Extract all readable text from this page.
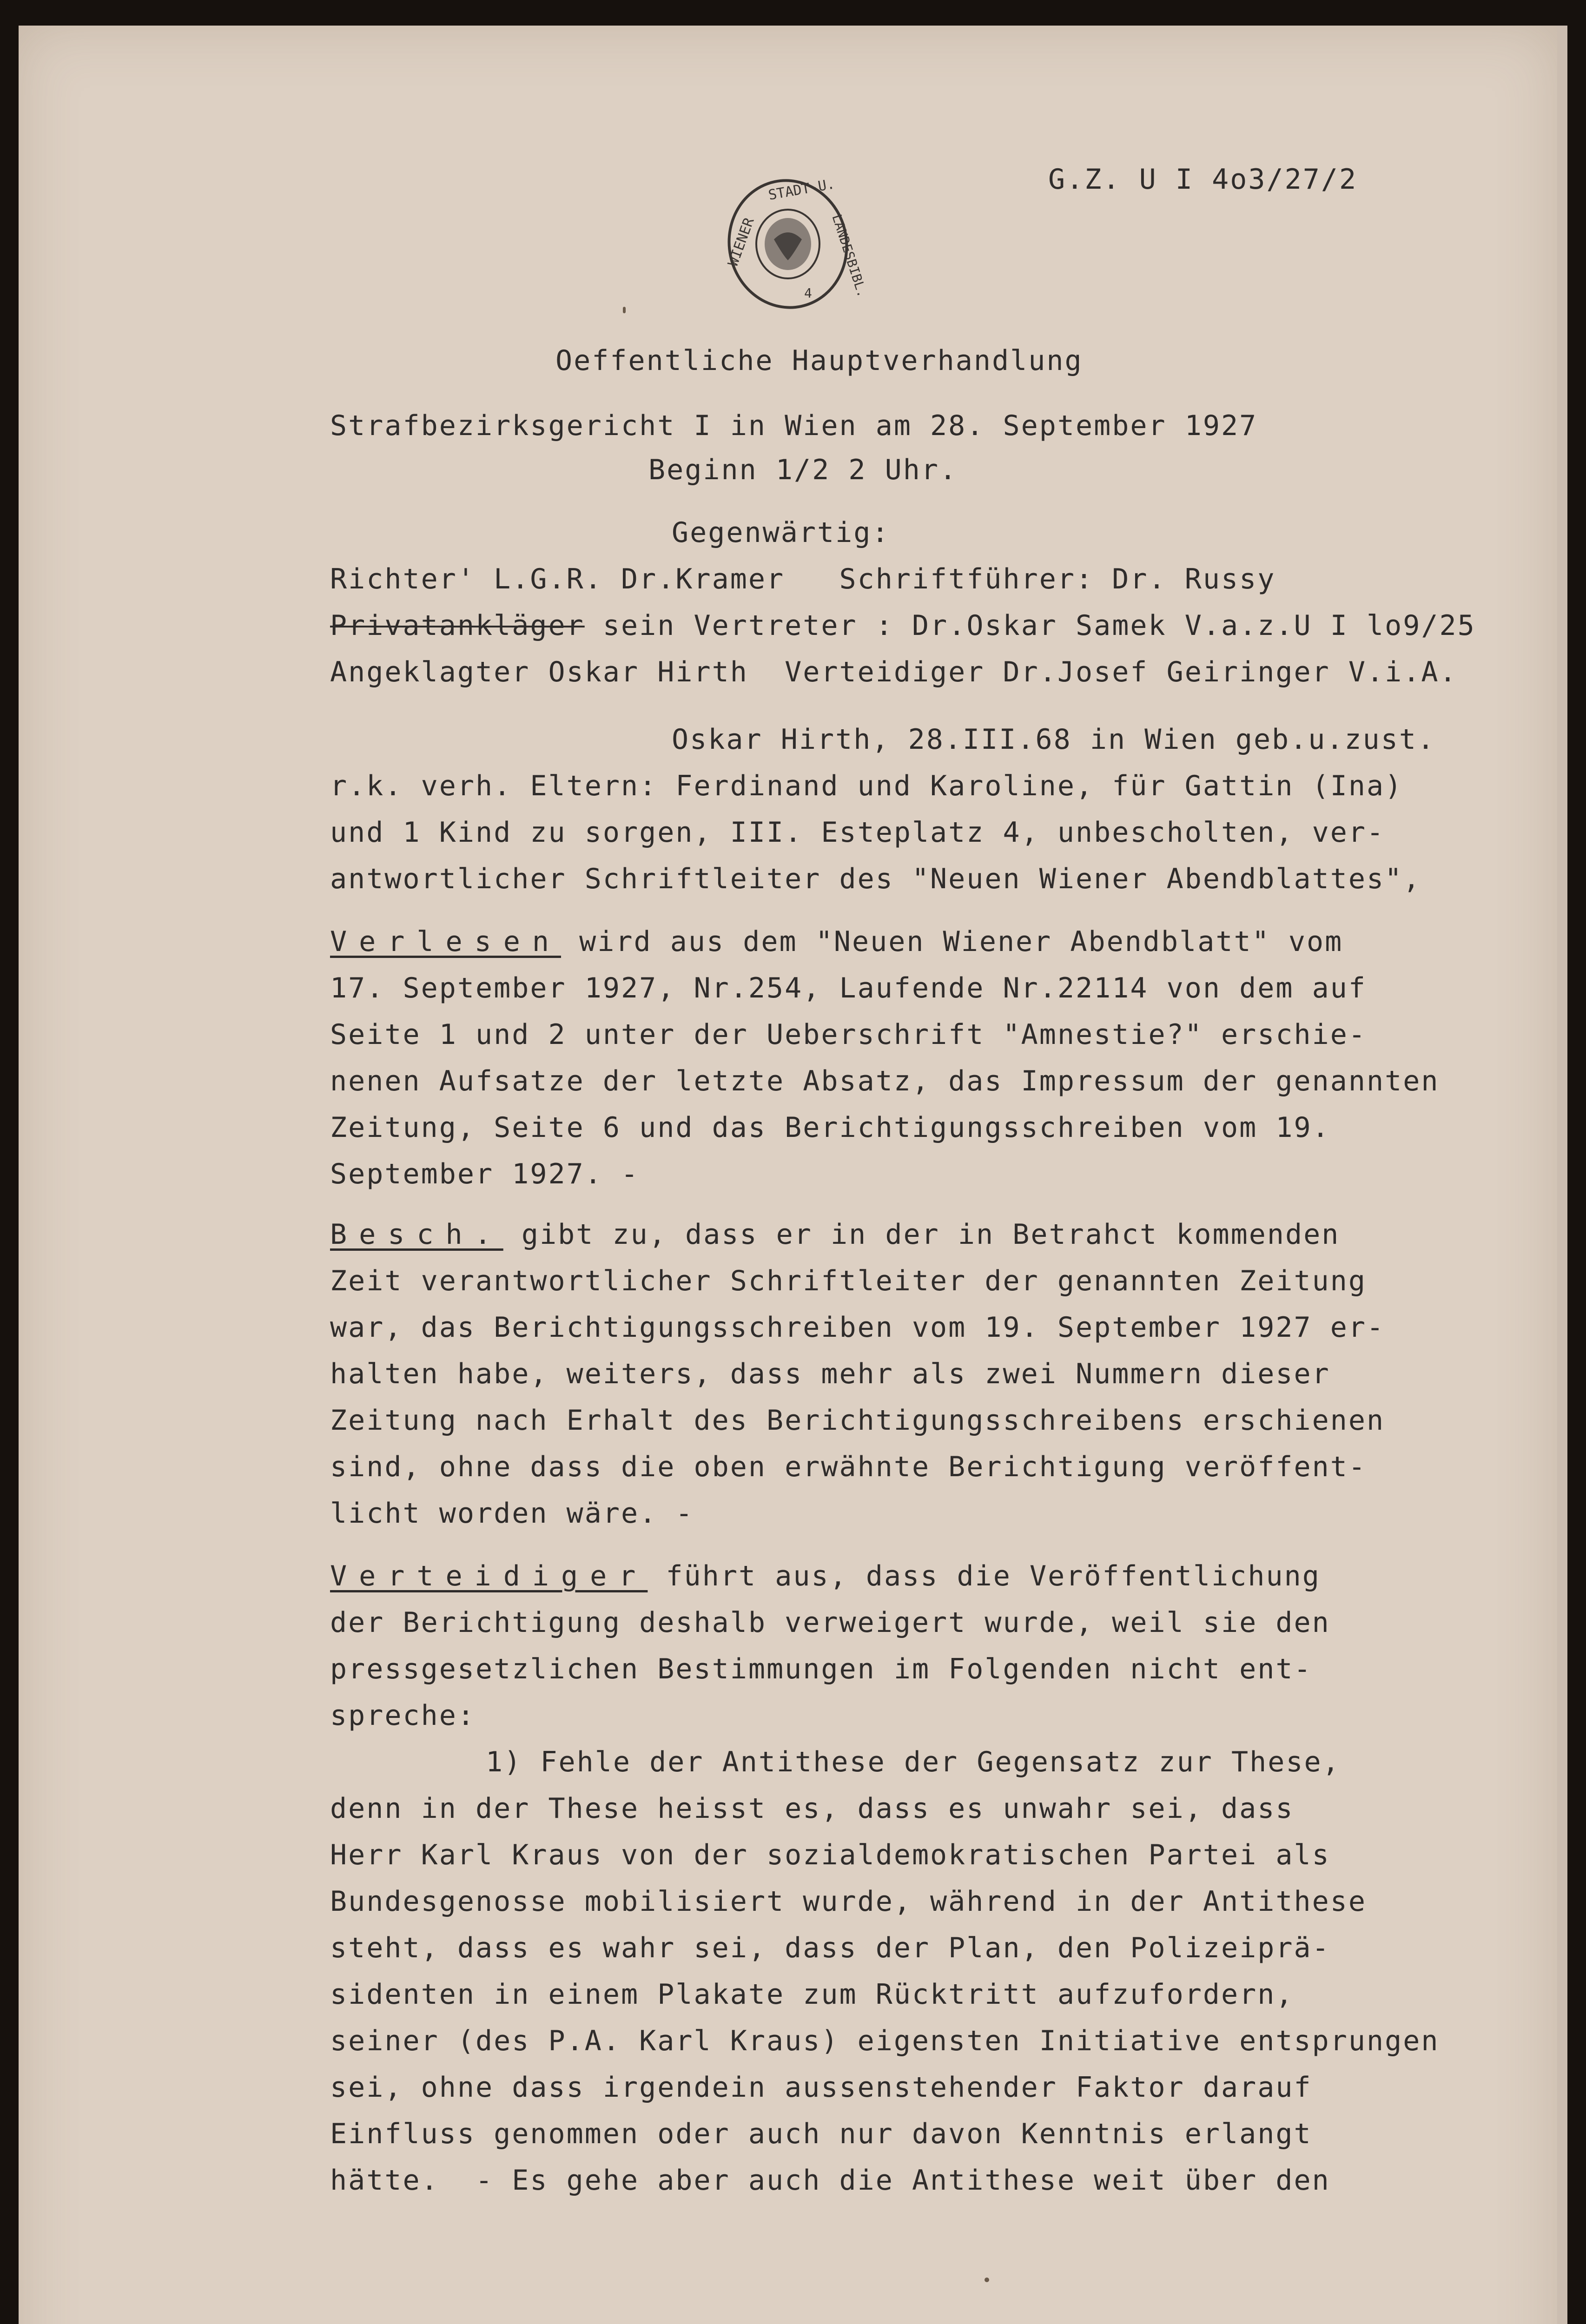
G.Z. U I 4o3/27/2
WIENER
STADT-U.
LANDESBIBL.
4
Oeffentliche Hauptverhandlung
Strafbezirksgericht I in Wien am 28. September 1927
Beginn 1/2 2 Uhr.
Gegenwärtig:
Richter' L.G.R. Dr.Kramer   Schriftführer: Dr. Russy
Privatankläger sein Vertreter : Dr.Oskar Samek V.a.z.U I lo9/25
Angeklagter Oskar Hirth  Verteidiger Dr.Josef Geiringer V.i.A.
Oskar Hirth, 28.III.68 in Wien geb.u.zust.
r.k. verh. Eltern: Ferdinand und Karoline, für Gattin (Ina)
und 1 Kind zu sorgen, III. Esteplatz 4, unbescholten, ver-
antwortlicher Schriftleiter des "Neuen Wiener Abendblattes",
Verlesen wird aus dem "Neuen Wiener Abendblatt" vom
17. September 1927, Nr.254, Laufende Nr.22114 von dem auf
Seite 1 und 2 unter der Ueberschrift "Amnestie?" erschie-
nenen Aufsatze der letzte Absatz, das Impressum der genannten
Zeitung, Seite 6 und das Berichtigungsschreiben vom 19.
September 1927. -
Besch. gibt zu, dass er in der in Betrahct kommenden
Zeit verantwortlicher Schriftleiter der genannten Zeitung
war, das Berichtigungsschreiben vom 19. September 1927 er-
halten habe, weiters, dass mehr als zwei Nummern dieser
Zeitung nach Erhalt des Berichtigungsschreibens erschienen
sind, ohne dass die oben erwähnte Berichtigung veröffent-
licht worden wäre. -
Verteidiger führt aus, dass die Veröffentlichung
der Berichtigung deshalb verweigert wurde, weil sie den
pressgesetzlichen Bestimmungen im Folgenden nicht ent-
spreche:
1) Fehle der Antithese der Gegensatz zur These,
denn in der These heisst es, dass es unwahr sei, dass
Herr Karl Kraus von der sozialdemokratischen Partei als
Bundesgenosse mobilisiert wurde, während in der Antithese
steht, dass es wahr sei, dass der Plan, den Polizeiprä-
sidenten in einem Plakate zum Rücktritt aufzufordern,
seiner (des P.A. Karl Kraus) eigensten Initiative entsprungen
sei, ohne dass irgendein aussenstehender Faktor darauf
Einfluss genommen oder auch nur davon Kenntnis erlangt
hätte.  - Es gehe aber auch die Antithese weit über den
